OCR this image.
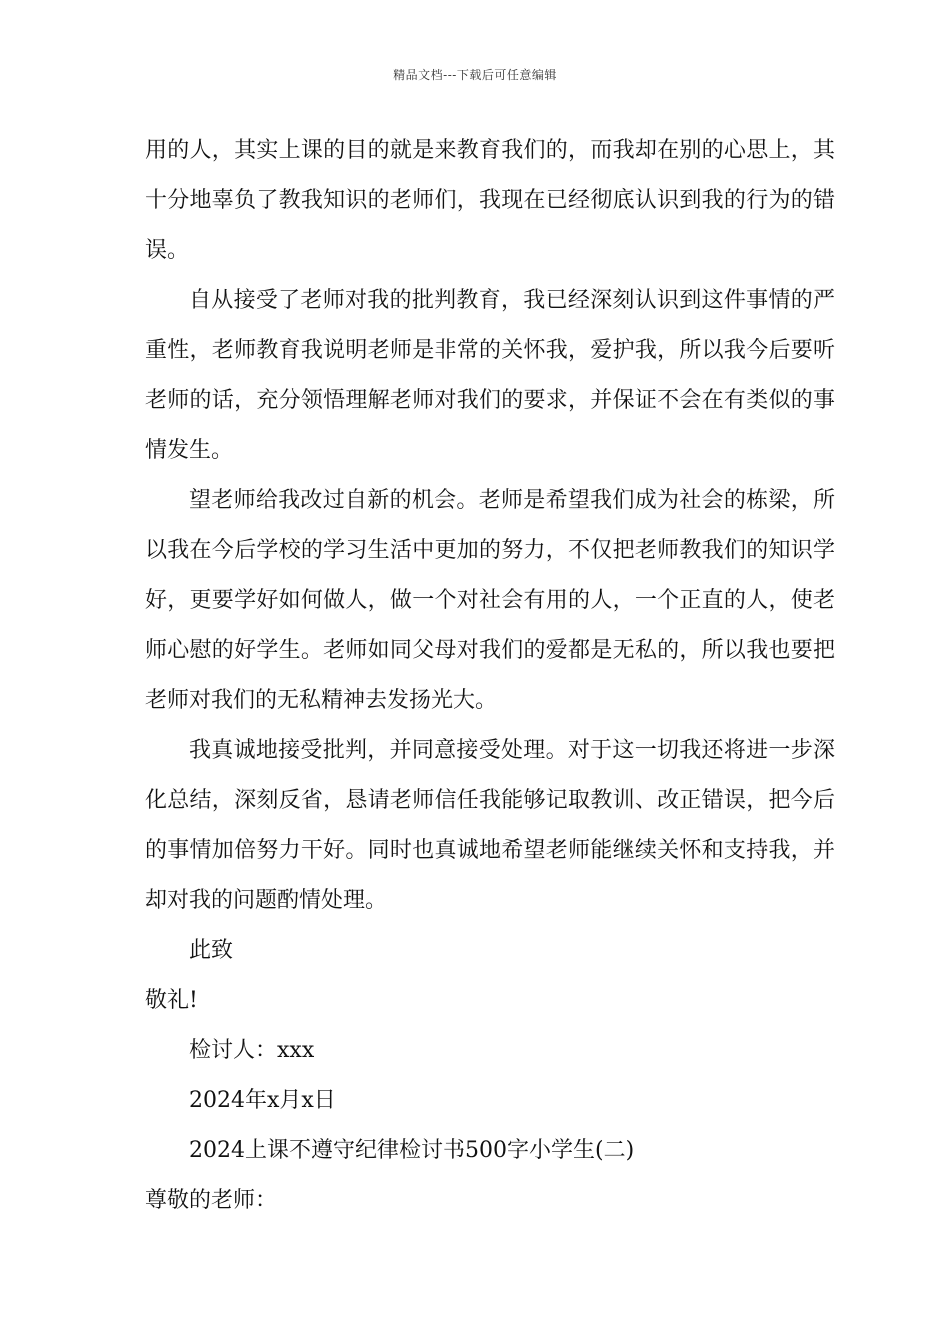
精品文档---下载后可任意编辑

用的人，其实上课的目的就是来教育我们的，而我却在别的心思上，其十分地辜负了教我知识的老师们，我现在已经彻底认识到我的行为的错误。

自从接受了老师对我的批判教育，我已经深刻认识到这件事情的严重性，老师教育我说明老师是非常的关怀我，爱护我，所以我今后要听老师的话，充分领悟理解老师对我们的要求，并保证不会在有类似的事情发生。

望老师给我改过自新的机会。老师是希望我们成为社会的栋梁，所以我在今后学校的学习生活中更加的努力，不仅把老师教我们的知识学好，更要学好如何做人，做一个对社会有用的人，一个正直的人，使老师心慰的好学生。老师如同父母对我们的爱都是无私的，所以我也要把老师对我们的无私精神去发扬光大。

我真诚地接受批判，并同意接受处理。对于这一切我还将进一步深化总结，深刻反省，恳请老师信任我能够记取教训、改正错误，把今后的事情加倍努力干好。同时也真诚地希望老师能继续关怀和支持我，并却对我的问题酌情处理。

此致

敬礼!

检讨人：xxx

2024年x月x日

2024上课不遵守纪律检讨书500字小学生(二)

尊敬的老师：
